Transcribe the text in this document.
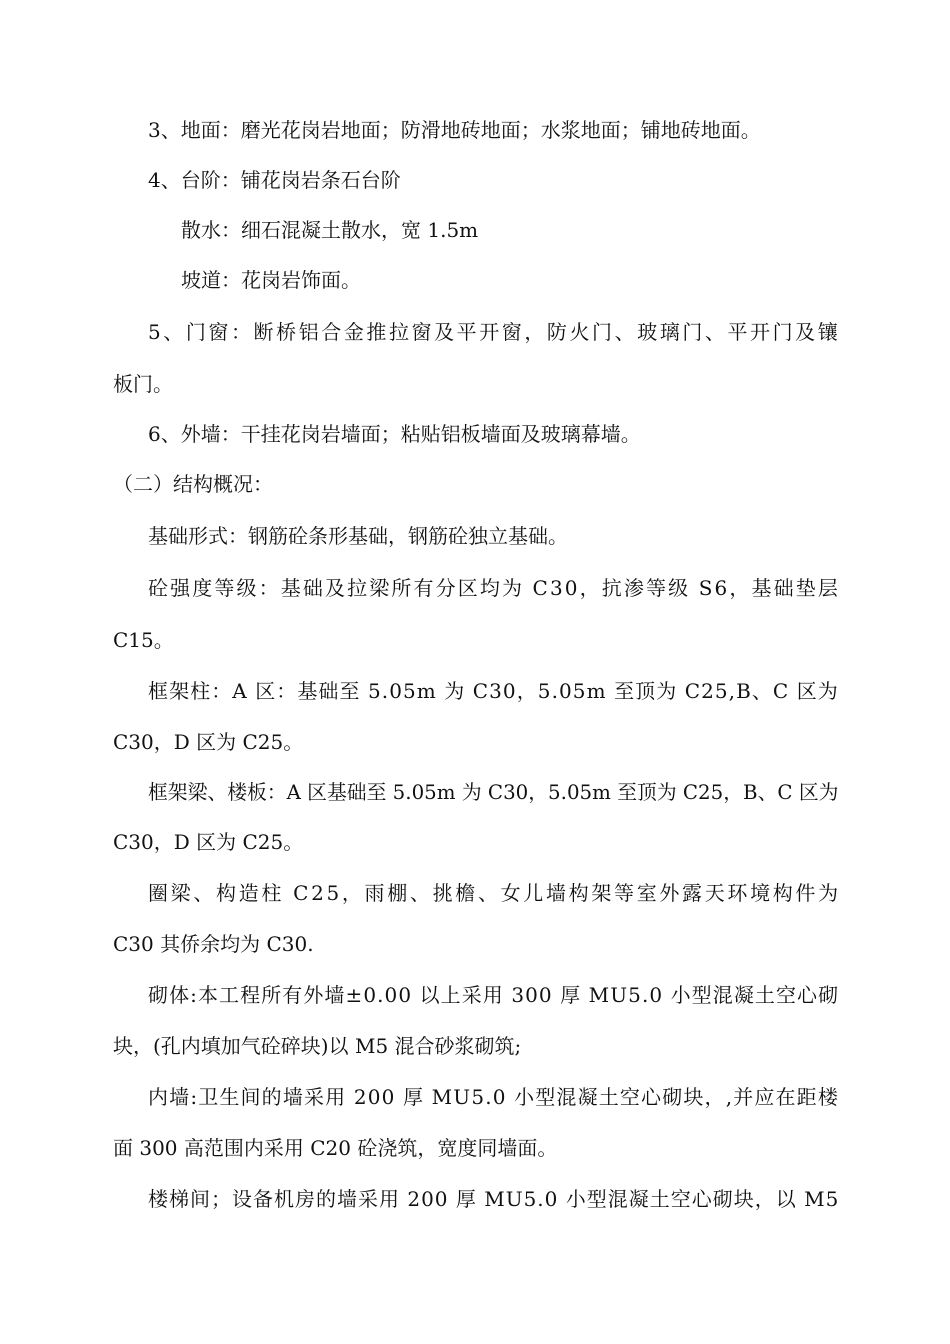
3、地面：磨光花岗岩地面；防滑地砖地面；水浆地面；铺地砖地面。
4、台阶：铺花岗岩条石台阶
散水：细石混凝土散水，宽 1.5m
坡道：花岗岩饰面。
5、门窗：断桥铝合金推拉窗及平开窗，防火门、玻璃门、平开门及镶
板门。
6、外墙：干挂花岗岩墙面；粘贴铝板墙面及玻璃幕墙。
（二）结构概况：
基础形式：钢筋砼条形基础，钢筋砼独立基础。
砼强度等级：基础及拉梁所有分区均为 C30，抗渗等级 S6，基础垫层
C15。
框架柱：A 区：基础至 5.05m 为 C30，5.05m 至顶为 C25,B、C 区为
C30，D 区为 C25。
框架梁、楼板：A 区基础至 5.05m 为 C30，5.05m 至顶为 C25，B、C 区为
C30，D 区为 C25。
圈梁、构造柱 C25，雨棚、挑檐、女儿墙构架等室外露天环境构件为
C30 其侨余均为 C30.
砌体:本工程所有外墙±0.00 以上采用 300 厚 MU5.0 小型混凝土空心砌
块，(孔内填加气砼碎块)以 M5 混合砂浆砌筑;
内墙:卫生间的墙采用 200 厚 MU5.0 小型混凝土空心砌块，,并应在距楼
面 300 高范围内采用 C20 砼浇筑，宽度同墙面。
楼梯间；设备机房的墙采用 200 厚 MU5.0 小型混凝土空心砌块，以 M5
